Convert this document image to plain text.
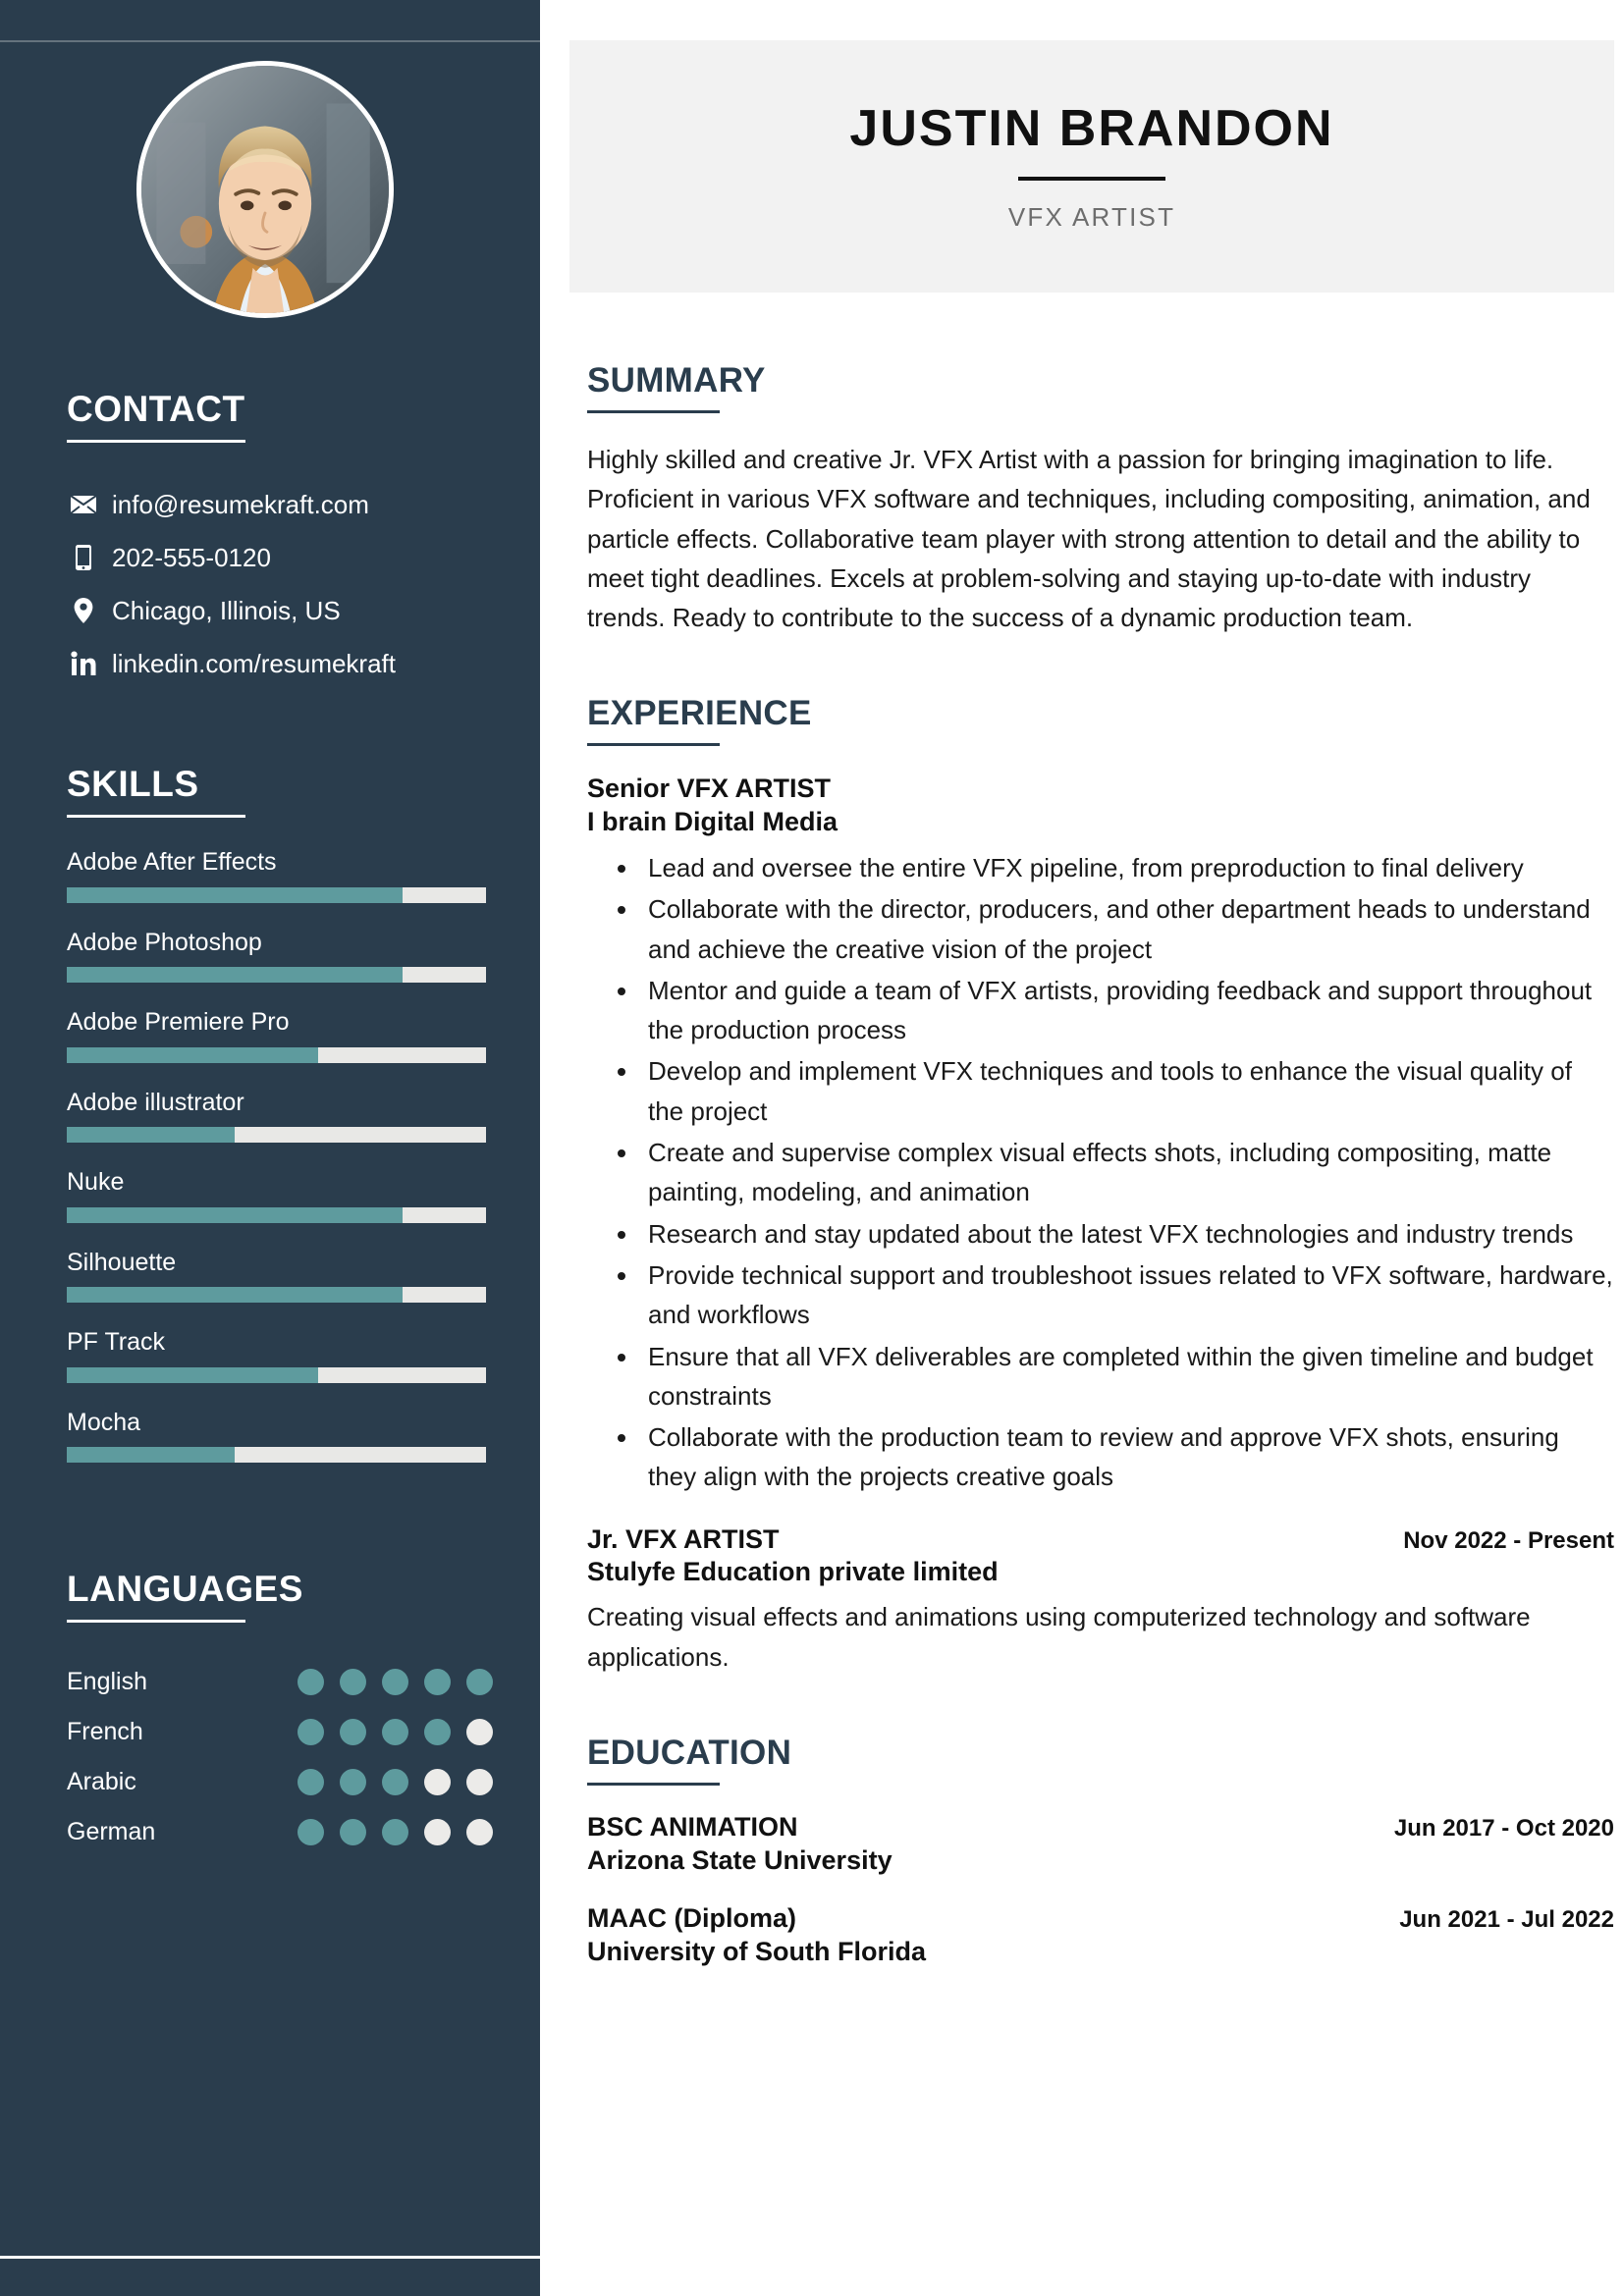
CONTACT
info@resumekraft.com
202-555-0120
Chicago, Illinois, US
linkedin.com/resumekraft
SKILLS
Adobe After Effects
Adobe Photoshop
Adobe Premiere Pro
Adobe illustrator
Nuke
Silhouette
PF Track
Mocha
LANGUAGES
English
French
Arabic
German
JUSTIN BRANDON
VFX ARTIST
SUMMARY

Highly skilled and creative Jr. VFX Artist with a passion for bringing imagination to life. Proficient in various VFX software and techniques, including compositing, animation, and particle effects. Collaborative team player with strong attention to detail and the ability to meet tight deadlines. Excels at problem-solving and staying up-to-date with industry trends. Ready to contribute to the success of a dynamic production team.

EXPERIENCE
Senior VFX ARTIST
I brain Digital Media
• Lead and oversee the entire VFX pipeline, from preproduction to final delivery
• Collaborate with the director, producers, and other department heads to understand and achieve the creative vision of the project
• Mentor and guide a team of VFX artists, providing feedback and support throughout the production process
• Develop and implement VFX techniques and tools to enhance the visual quality of the project
• Create and supervise complex visual effects shots, including compositing, matte painting, modeling, and animation
• Research and stay updated about the latest VFX technologies and industry trends
• Provide technical support and troubleshoot issues related to VFX software, hardware, and workflows
• Ensure that all VFX deliverables are completed within the given timeline and budget constraints
• Collaborate with the production team to review and approve VFX shots, ensuring they align with the projects creative goals
Jr. VFX ARTIST	Nov 2022 - Present
Stulyfe Education private limited
Creating visual effects and animations using computerized technology and software applications.
EDUCATION
BSC ANIMATION	Jun 2017 - Oct 2020
Arizona State University
MAAC (Diploma)	Jun 2021 - Jul 2022
University of South Florida
